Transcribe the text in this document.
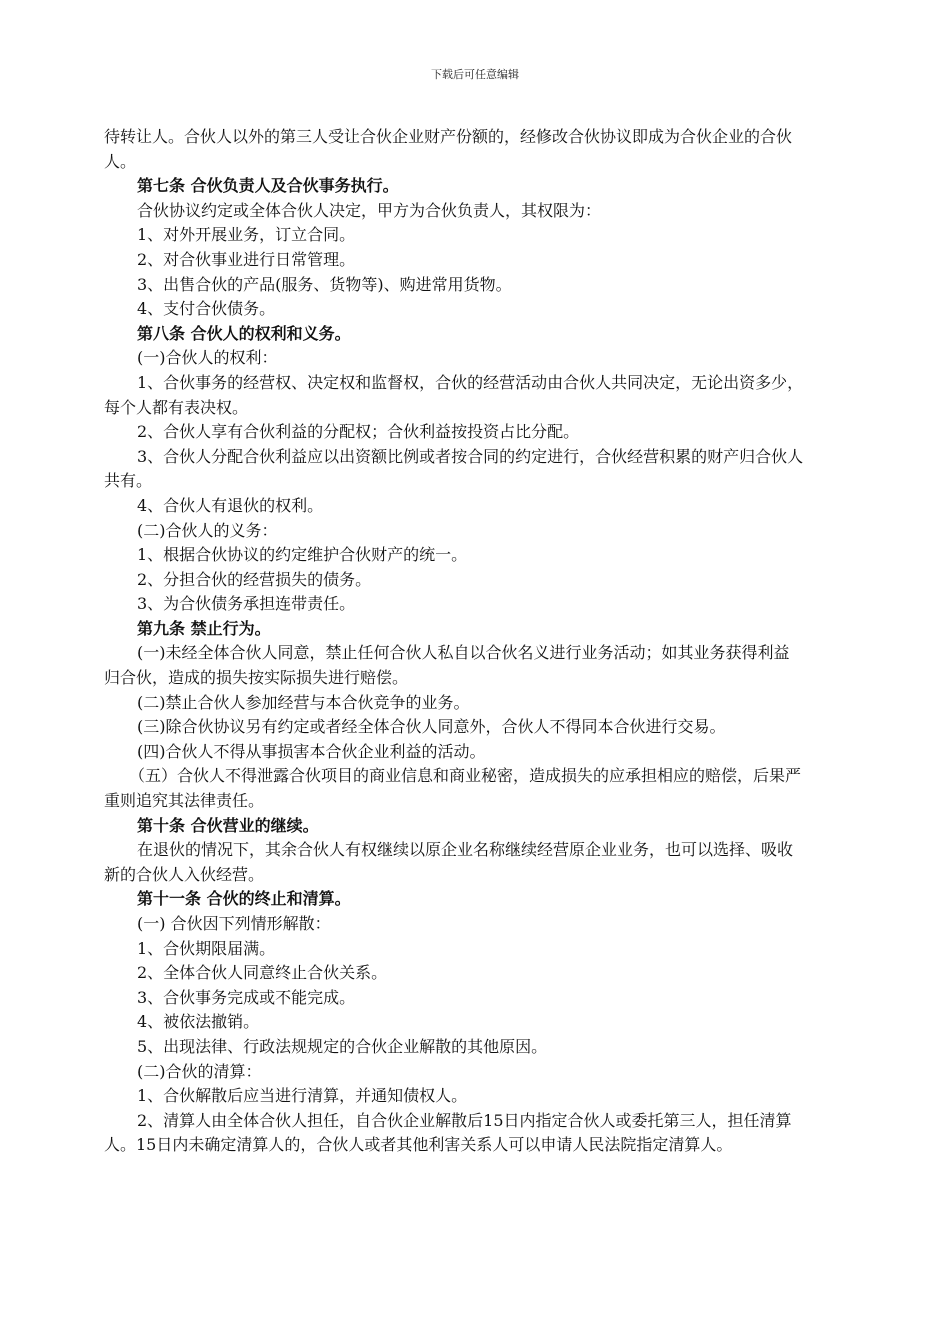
下载后可任意编辑

待转让人。合伙人以外的第三人受让合伙企业财产份额的，经修改合伙协议即成为合伙企业的合伙人。

第七条 合伙负责人及合伙事务执行。

合伙协议约定或全体合伙人决定，甲方为合伙负责人，其权限为：

1、对外开展业务，订立合同。

2、对合伙事业进行日常管理。

3、出售合伙的产品(服务、货物等)、购进常用货物。

4、支付合伙债务。

第八条 合伙人的权利和义务。

(一)合伙人的权利：

1、合伙事务的经营权、决定权和监督权，合伙的经营活动由合伙人共同决定，无论出资多少，每个人都有表决权。

2、合伙人享有合伙利益的分配权；合伙利益按投资占比分配。

3、合伙人分配合伙利益应以出资额比例或者按合同的约定进行，合伙经营积累的财产归合伙人共有。

4、合伙人有退伙的权利。

(二)合伙人的义务：

1、根据合伙协议的约定维护合伙财产的统一。

2、分担合伙的经营损失的债务。

3、为合伙债务承担连带责任。

第九条 禁止行为。

(一)未经全体合伙人同意，禁止任何合伙人私自以合伙名义进行业务活动；如其业务获得利益归合伙，造成的损失按实际损失进行赔偿。

(二)禁止合伙人参加经营与本合伙竞争的业务。

(三)除合伙协议另有约定或者经全体合伙人同意外，合伙人不得同本合伙进行交易。

(四)合伙人不得从事损害本合伙企业利益的活动。

（五）合伙人不得泄露合伙项目的商业信息和商业秘密，造成损失的应承担相应的赔偿，后果严重则追究其法律责任。

第十条 合伙营业的继续。

在退伙的情况下，其余合伙人有权继续以原企业名称继续经营原企业业务，也可以选择、吸收新的合伙人入伙经营。

第十一条 合伙的终止和清算。

(一) 合伙因下列情形解散：

1、合伙期限届满。

2、全体合伙人同意终止合伙关系。

3、合伙事务完成或不能完成。

4、被依法撤销。

5、出现法律、行政法规规定的合伙企业解散的其他原因。

(二)合伙的清算：

1、合伙解散后应当进行清算，并通知债权人。

2、清算人由全体合伙人担任，自合伙企业解散后15日内指定合伙人或委托第三人，担任清算人。15日内未确定清算人的，合伙人或者其他利害关系人可以申请人民法院指定清算人。
